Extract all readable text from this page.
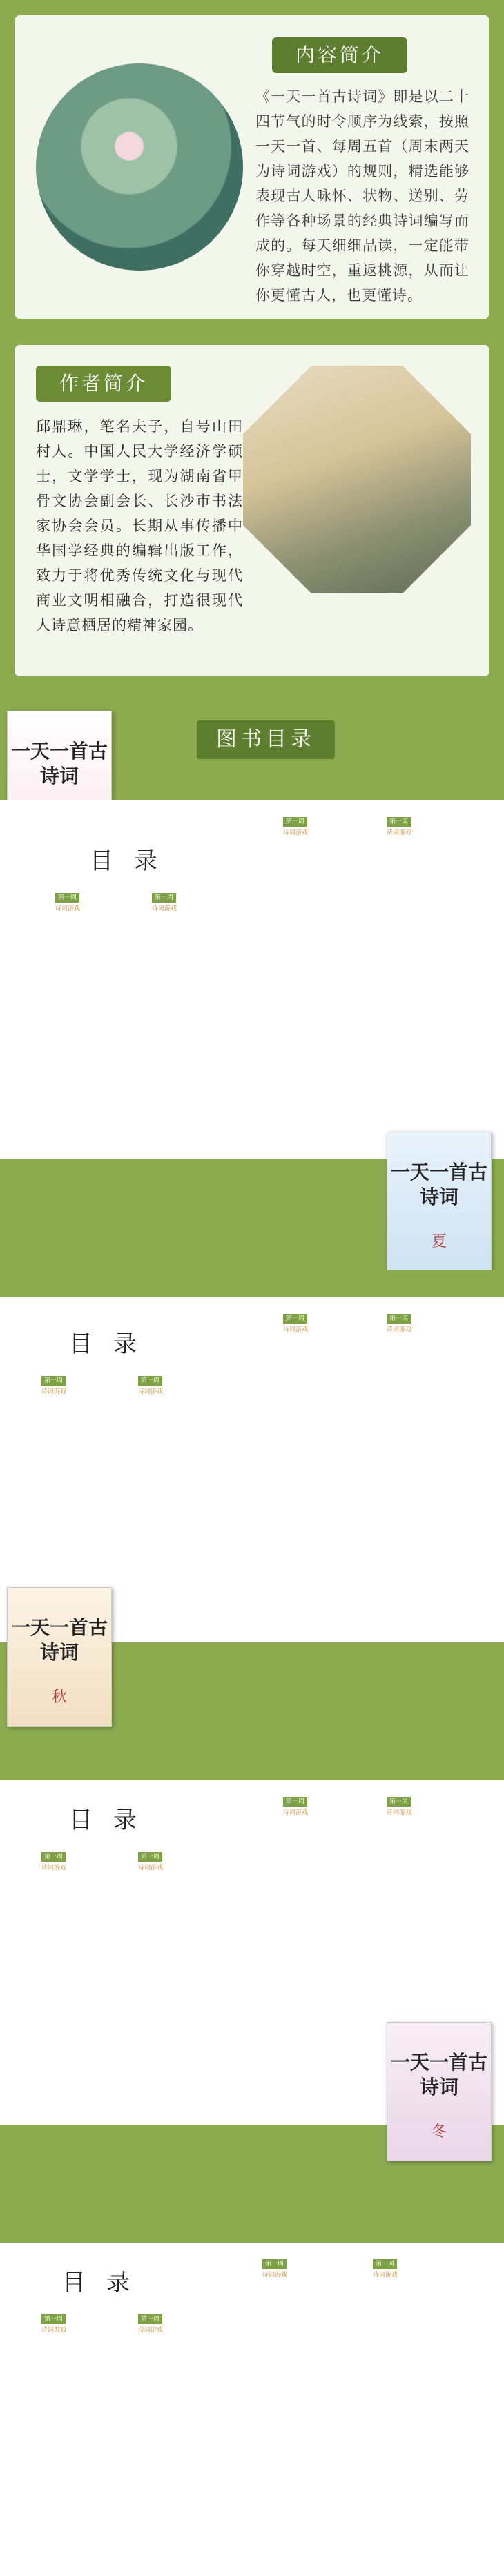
内容简介
《一天一首古诗词》即是以二十四节气的时令顺序为线索，按照一天一首、每周五首（周末两天为诗词游戏）的规则，精选能够表现古人咏怀、状物、送别、劳作等各种场景的经典诗词编写而成的。每天细细品读，一定能带你穿越时空，重返桃源，从而让你更懂古人，也更懂诗。
作者简介
邱鼎琳，笔名夫子，自号山田村人。中国人民大学经济学硕士，文学学士，现为湖南省甲骨文协会副会长、长沙市书法家协会会员。长期从事传播中华国学经典的编辑出版工作，致力于将优秀传统文化与现代商业文明相融合，打造很现代人诗意栖居的精神家园。
图书目录
一天一首古诗词
目录
第一周
诗词游戏
第一周
诗词游戏
第一周
诗词游戏
第一周
诗词游戏
一天一首古诗词
夏
目录
第一周
诗词游戏
第一周
诗词游戏
第一周
诗词游戏
第一周
诗词游戏
一天一首古诗词
秋
目录
第一周
诗词游戏
第一周
诗词游戏
第一周
诗词游戏
第一周
诗词游戏
一天一首古诗词
冬
目录
第一周
诗词游戏
第一周
诗词游戏
第一周
诗词游戏
第一周
诗词游戏
